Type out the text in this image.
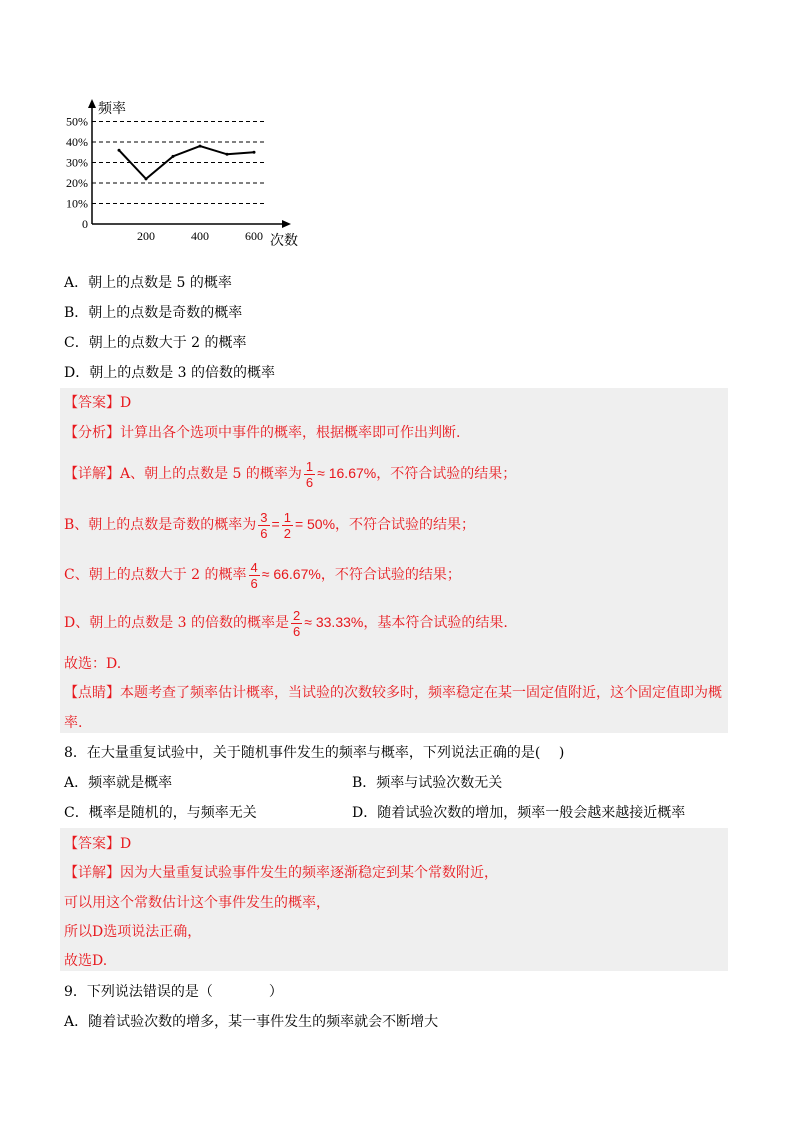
0
10%
20%
30%
40%
50%
200	400	600
频率
次数
A．朝上的点数是 5 的概率
B．朝上的点数是奇数的概率
C．朝上的点数大于 2 的概率
D．朝上的点数是 3 的倍数的概率
【答案】D
【分析】计算出各个选项中事件的概率，根据概率即可作出判断.
【详解】A、朝上的点数是 5 的概率为 $\frac{1}{6} \approx 16.67\%$，不符合试验的结果；
B、朝上的点数是奇数的概率为 $\frac{3}{6} = \frac{1}{2} = 50\%$，不符合试验的结果；
C、朝上的点数大于 2 的概率 $\frac{4}{6} \approx 66.67\%$，不符合试验的结果；
D、朝上的点数是 3 的倍数的概率是 $\frac{2}{6} \approx 33.33\%$，基本符合试验的结果.
故选：D.
【点睛】本题考查了频率估计概率，当试验的次数较多时，频率稳定在某一固定值附近，这个固定值即为概
率.
8．在大量重复试验中，关于随机事件发生的频率与概率，下列说法正确的是(　 )
A．频率就是概率	B．频率与试验次数无关
C．概率是随机的，与频率无关	D．随着试验次数的增加，频率一般会越来越接近概率
【答案】D
【详解】因为大量重复试验事件发生的频率逐渐稳定到某个常数附近，
可以用这个常数估计这个事件发生的概率，
所以D选项说法正确，
故选D.
9．下列说法错误的是（　　　　）
A．随着试验次数的增多，某一事件发生的频率就会不断增大
